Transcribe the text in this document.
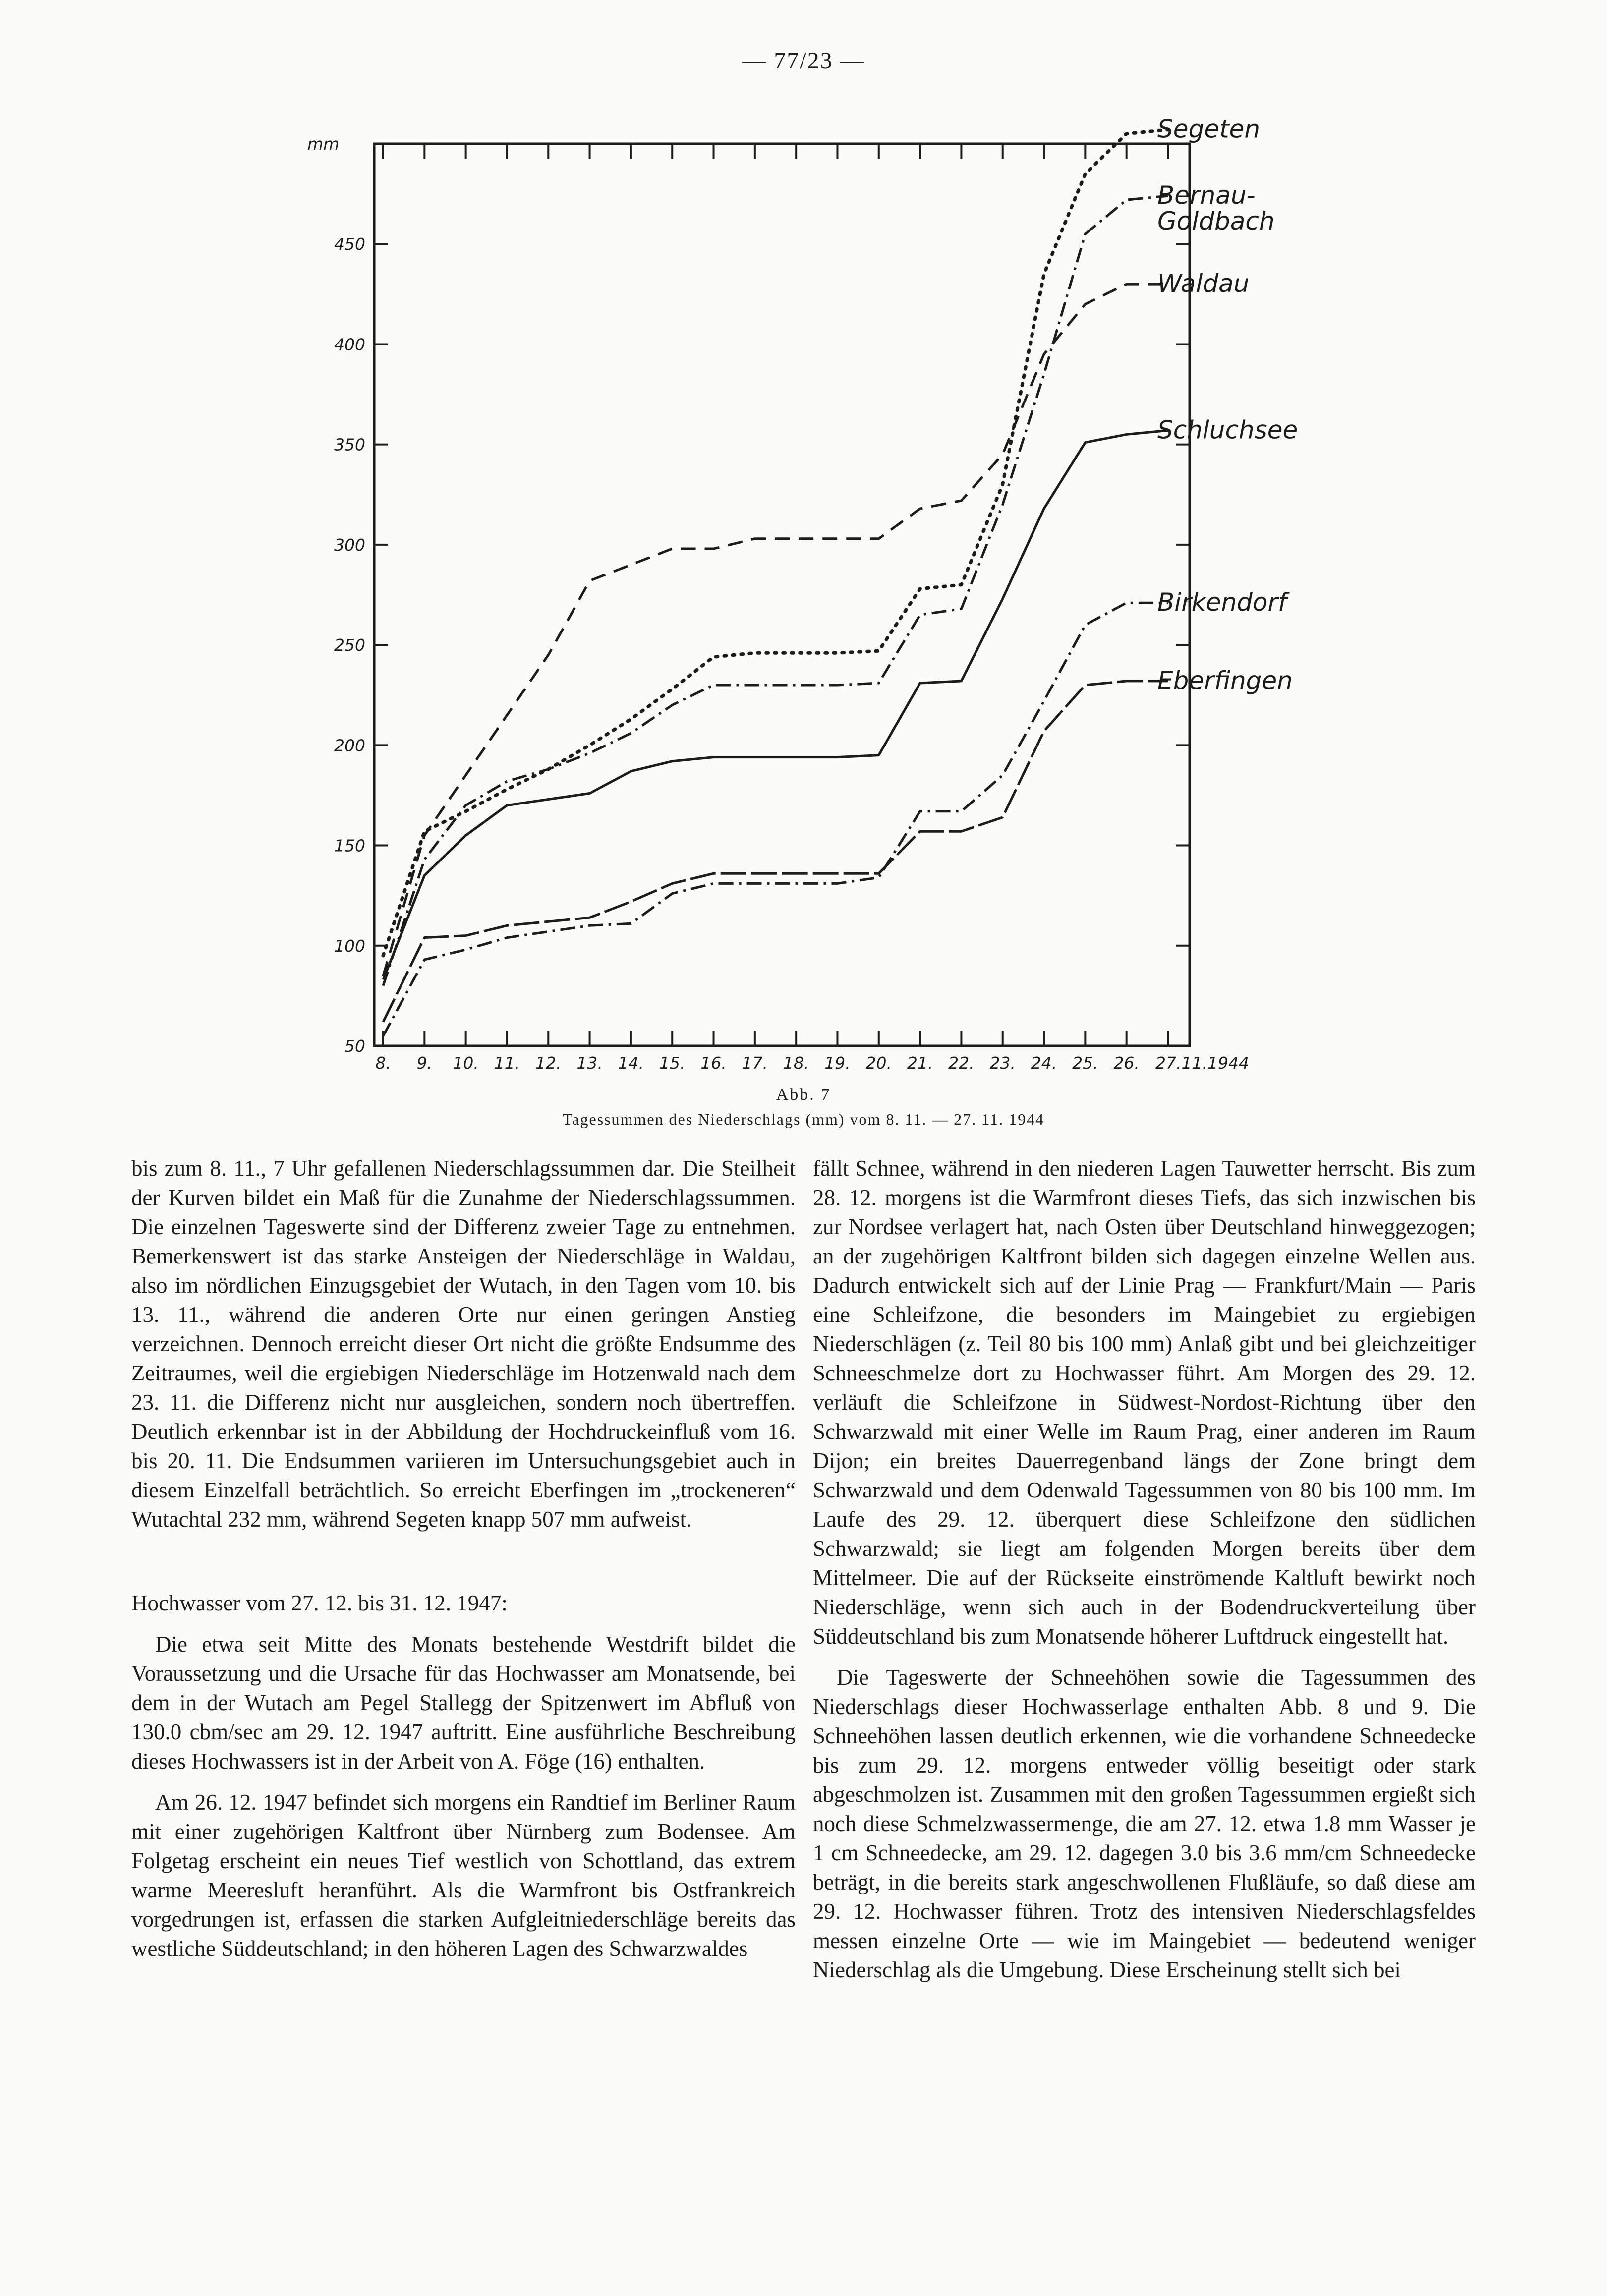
— 77/23 —
50
100
150
200
250
300
350
400
450
mm
8. 9. 10. 11. 12. 13. 14. 15. 16. 17. 18. 19. 20. 21. 22. 23. 24. 25. 26. 27.11.1944
Segeten
Bernau-
Goldbach
Waldau
Schluchsee
Birkendorf
Eberfingen
Abb. 7
Tagessummen des Niederschlags (mm) vom 8. 11. — 27. 11. 1944

bis zum 8. 11., 7 Uhr gefallenen Niederschlagssummen dar. Die Steilheit der Kurven bildet ein Maß für die Zunahme der Niederschlagssummen. Die einzelnen Tageswerte sind der Differenz zweier Tage zu entnehmen. Bemerkenswert ist das starke Ansteigen der Niederschläge in Waldau, also im nördlichen Einzugsgebiet der Wutach, in den Tagen vom 10. bis 13. 11., während die anderen Orte nur einen geringen Anstieg verzeichnen. Dennoch erreicht dieser Ort nicht die größte Endsumme des Zeitraumes, weil die ergiebigen Niederschläge im Hotzenwald nach dem 23. 11. die Differenz nicht nur ausgleichen, sondern noch übertreffen. Deutlich erkennbar ist in der Abbildung der Hochdruckeinfluß vom 16. bis 20. 11. Die Endsummen variieren im Untersuchungsgebiet auch in diesem Einzelfall beträchtlich. So erreicht Eberfingen im „trockeneren“ Wutachtal 232 mm, während Segeten knapp 507 mm aufweist.

Hochwasser vom 27. 12. bis 31. 12. 1947:

Die etwa seit Mitte des Monats bestehende Westdrift bildet die Voraussetzung und die Ursache für das Hochwasser am Monatsende, bei dem in der Wutach am Pegel Stallegg der Spitzenwert im Abfluß von 130.0 cbm/sec am 29. 12. 1947 auftritt. Eine ausführliche Beschreibung dieses Hochwassers ist in der Arbeit von A. Föge (16) enthalten.

Am 26. 12. 1947 befindet sich morgens ein Randtief im Berliner Raum mit einer zugehörigen Kaltfront über Nürnberg zum Bodensee. Am Folgetag erscheint ein neues Tief westlich von Schottland, das extrem warme Meeresluft heranführt. Als die Warmfront bis Ostfrankreich vorgedrungen ist, erfassen die starken Aufgleitniederschläge bereits das westliche Süddeutschland; in den höheren Lagen des Schwarzwaldes

fällt Schnee, während in den niederen Lagen Tauwetter herrscht. Bis zum 28. 12. morgens ist die Warmfront dieses Tiefs, das sich inzwischen bis zur Nordsee verlagert hat, nach Osten über Deutschland hinweggezogen; an der zugehörigen Kaltfront bilden sich dagegen einzelne Wellen aus. Dadurch entwickelt sich auf der Linie Prag — Frankfurt/Main — Paris eine Schleifzone, die besonders im Maingebiet zu ergiebigen Niederschlägen (z. Teil 80 bis 100 mm) Anlaß gibt und bei gleichzeitiger Schneeschmelze dort zu Hochwasser führt. Am Morgen des 29. 12. verläuft die Schleifzone in Südwest-Nordost-Richtung über den Schwarzwald mit einer Welle im Raum Prag, einer anderen im Raum Dijon; ein breites Dauerregenband längs der Zone bringt dem Schwarzwald und dem Odenwald Tagessummen von 80 bis 100 mm. Im Laufe des 29. 12. überquert diese Schleifzone den südlichen Schwarzwald; sie liegt am folgenden Morgen bereits über dem Mittelmeer. Die auf der Rückseite einströmende Kaltluft bewirkt noch Niederschläge, wenn sich auch in der Bodendruckverteilung über Süddeutschland bis zum Monatsende höherer Luftdruck eingestellt hat.

Die Tageswerte der Schneehöhen sowie die Tagessummen des Niederschlags dieser Hochwasserlage enthalten Abb. 8 und 9. Die Schneehöhen lassen deutlich erkennen, wie die vorhandene Schneedecke bis zum 29. 12. morgens entweder völlig beseitigt oder stark abgeschmolzen ist. Zusammen mit den großen Tagessummen ergießt sich noch diese Schmelzwassermenge, die am 27. 12. etwa 1.8 mm Wasser je 1 cm Schneedecke, am 29. 12. dagegen 3.0 bis 3.6 mm/cm Schneedecke beträgt, in die bereits stark angeschwollenen Flußläufe, so daß diese am 29. 12. Hochwasser führen. Trotz des intensiven Niederschlagsfeldes messen einzelne Orte — wie im Maingebiet — bedeutend weniger Niederschlag als die Umgebung. Diese Erscheinung stellt sich bei
